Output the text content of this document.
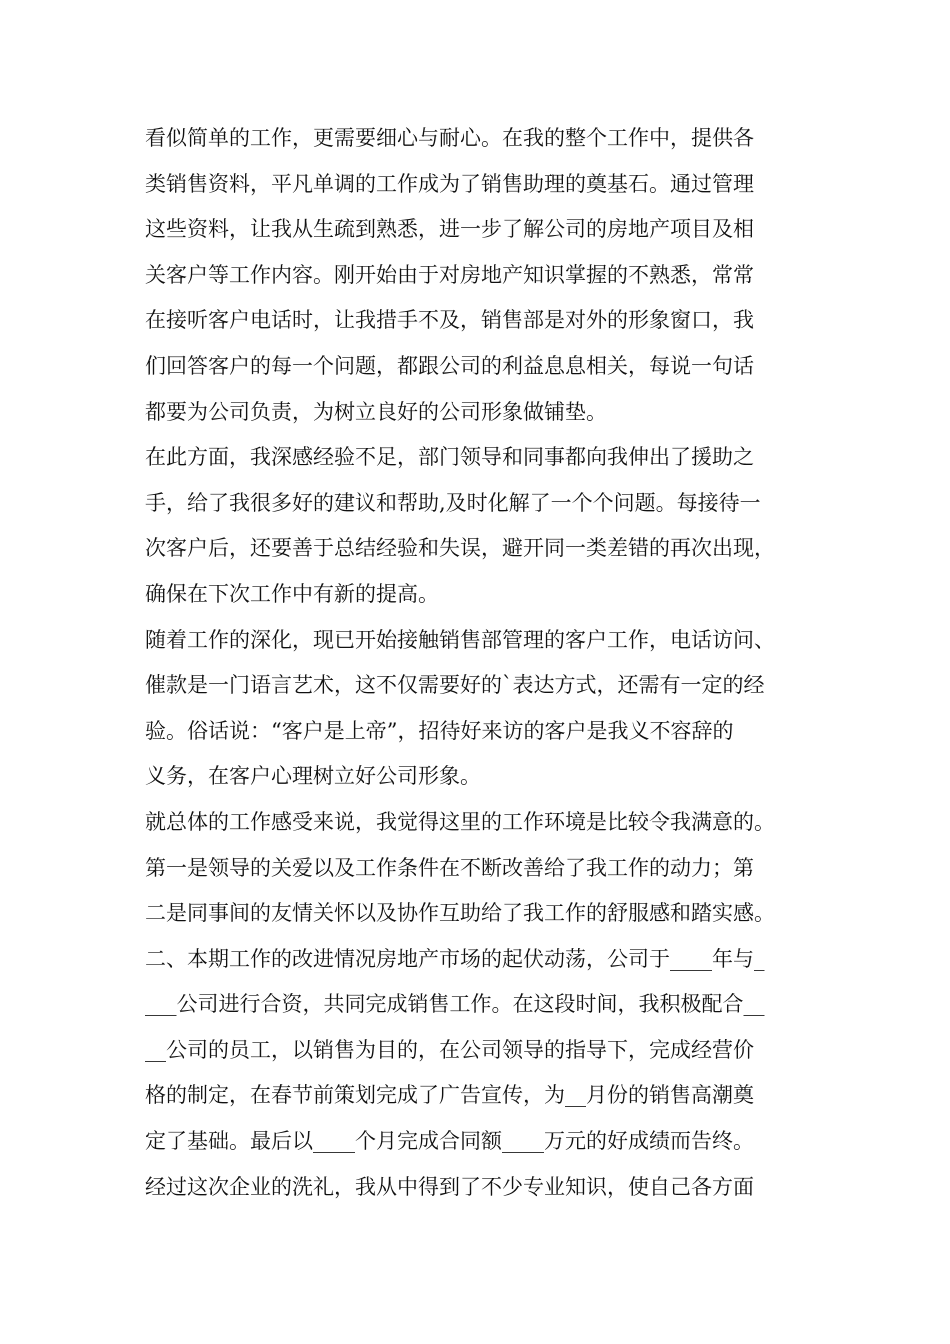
看似简单的工作，更需要细心与耐心。在我的整个工作中，提供各
类销售资料，平凡单调的工作成为了销售助理的奠基石。通过管理
这些资料，让我从生疏到熟悉，进一步了解公司的房地产项目及相
关客户等工作内容。刚开始由于对房地产知识掌握的不熟悉，常常
在接听客户电话时，让我措手不及，销售部是对外的形象窗口，我
们回答客户的每一个问题，都跟公司的利益息息相关，每说一句话
都要为公司负责，为树立良好的公司形象做铺垫。
在此方面，我深感经验不足，部门领导和同事都向我伸出了援助之
手，给了我很多好的建议和帮助,及时化解了一个个问题。每接待一
次客户后，还要善于总结经验和失误，避开同一类差错的再次出现，
确保在下次工作中有新的提高。
随着工作的深化，现已开始接触销售部管理的客户工作，电话访问、
催款是一门语言艺术，这不仅需要好的`表达方式，还需有一定的经
验。俗话说：“客户是上帝”，招待好来访的客户是我义不容辞的
义务，在客户心理树立好公司形象。
就总体的工作感受来说，我觉得这里的工作环境是比较令我满意的。
第一是领导的关爱以及工作条件在不断改善给了我工作的动力；第
二是同事间的友情关怀以及协作互助给了我工作的舒服感和踏实感。
二、本期工作的改进情况房地产市场的起伏动荡，公司于____年与_
___公司进行合资，共同完成销售工作。在这段时间，我积极配合__
__公司的员工，以销售为目的，在公司领导的指导下，完成经营价
格的制定，在春节前策划完成了广告宣传，为__月份的销售高潮奠
定了基础。最后以____个月完成合同额____万元的好成绩而告终。
经过这次企业的洗礼，我从中得到了不少专业知识，使自己各方面
